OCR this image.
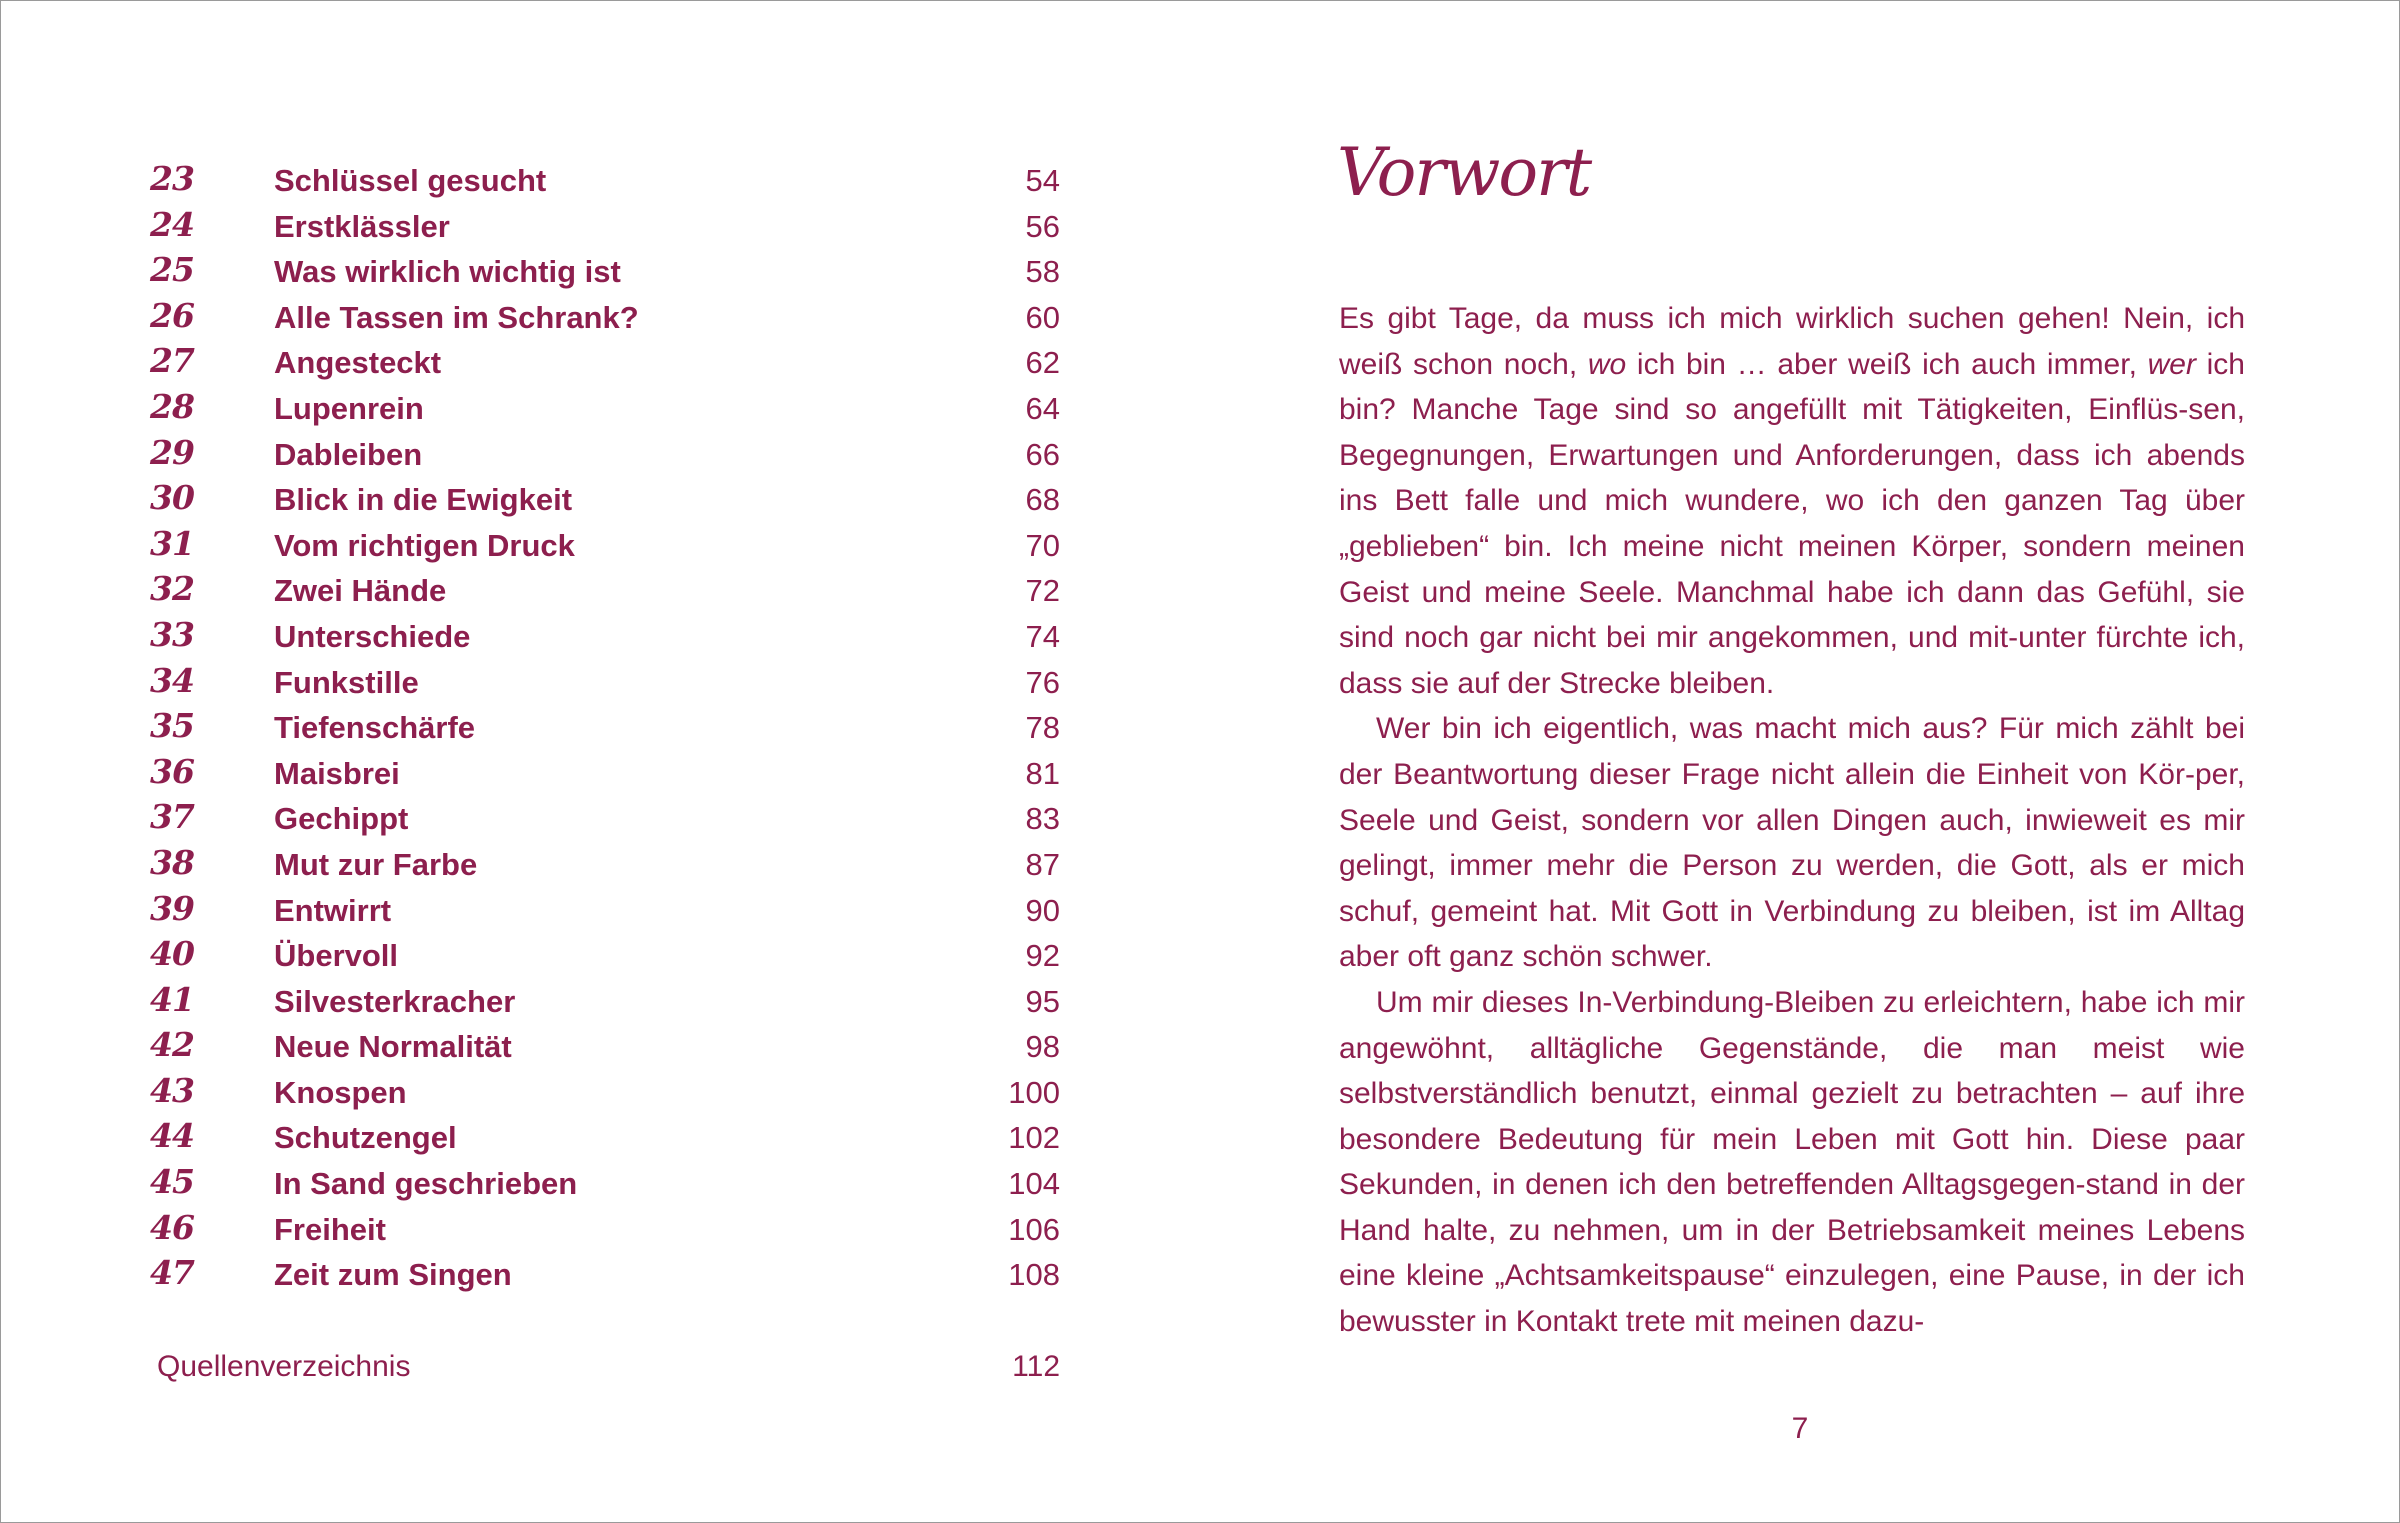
23	Schlüssel gesucht	54
24	Erstklässler	56
25	Was wirklich wichtig ist	58
26	Alle Tassen im Schrank?	60
27	Angesteckt	62
28	Lupenrein	64
29	Dableiben	66
30	Blick in die Ewigkeit	68
31	Vom richtigen Druck	70
32	Zwei Hände	72
33	Unterschiede	74
34	Funkstille	76
35	Tiefenschärfe	78
36	Maisbrei	81
37	Gechippt	83
38	Mut zur Farbe	87
39	Entwirrt	90
40	Übervoll	92
41	Silvesterkracher	95
42	Neue Normalität	98
43	Knospen	100
44	Schutzengel	102
45	In Sand geschrieben	104
46	Freiheit	106
47	Zeit zum Singen	108
Quellenverzeichnis	112
Vorwort

Es gibt Tage, da muss ich mich wirklich suchen gehen! Nein, ich weiß schon noch, wo ich bin … aber weiß ich auch immer, wer ich bin? Manche Tage sind so angefüllt mit Tätigkeiten, Einflüs-​sen, Begegnungen, Erwartungen und Anforderungen, dass ich abends ins Bett falle und mich wundere, wo ich den ganzen Tag über „geblieben“ bin. Ich meine nicht meinen Körper, sondern meinen Geist und meine Seele. Manchmal habe ich dann das Gefühl, sie sind noch gar nicht bei mir angekommen, und mit-​unter fürchte ich, dass sie auf der Strecke bleiben.

Wer bin ich eigentlich, was macht mich aus? Für mich zählt bei der Beantwortung dieser Frage nicht allein die Einheit von Kör-​per, Seele und Geist, sondern vor allen Dingen auch, inwieweit es mir gelingt, immer mehr die Person zu werden, die Gott, als er mich schuf, gemeint hat. Mit Gott in Verbindung zu bleiben, ist im Alltag aber oft ganz schön schwer.

Um mir dieses In-Verbindung-Bleiben zu erleichtern, habe ich mir angewöhnt, alltägliche Gegenstände, die man meist wie selbstverständlich benutzt, einmal gezielt zu betrachten – auf ihre besondere Bedeutung für mein Leben mit Gott hin. Diese paar Sekunden, in denen ich den betreffenden Alltagsgegen-​stand in der Hand halte, zu nehmen, um in der Betriebsamkeit meines Lebens eine kleine „Achtsamkeitspause“ einzulegen, eine Pause, in der ich bewusster in Kontakt trete mit meinen dazu-

7
